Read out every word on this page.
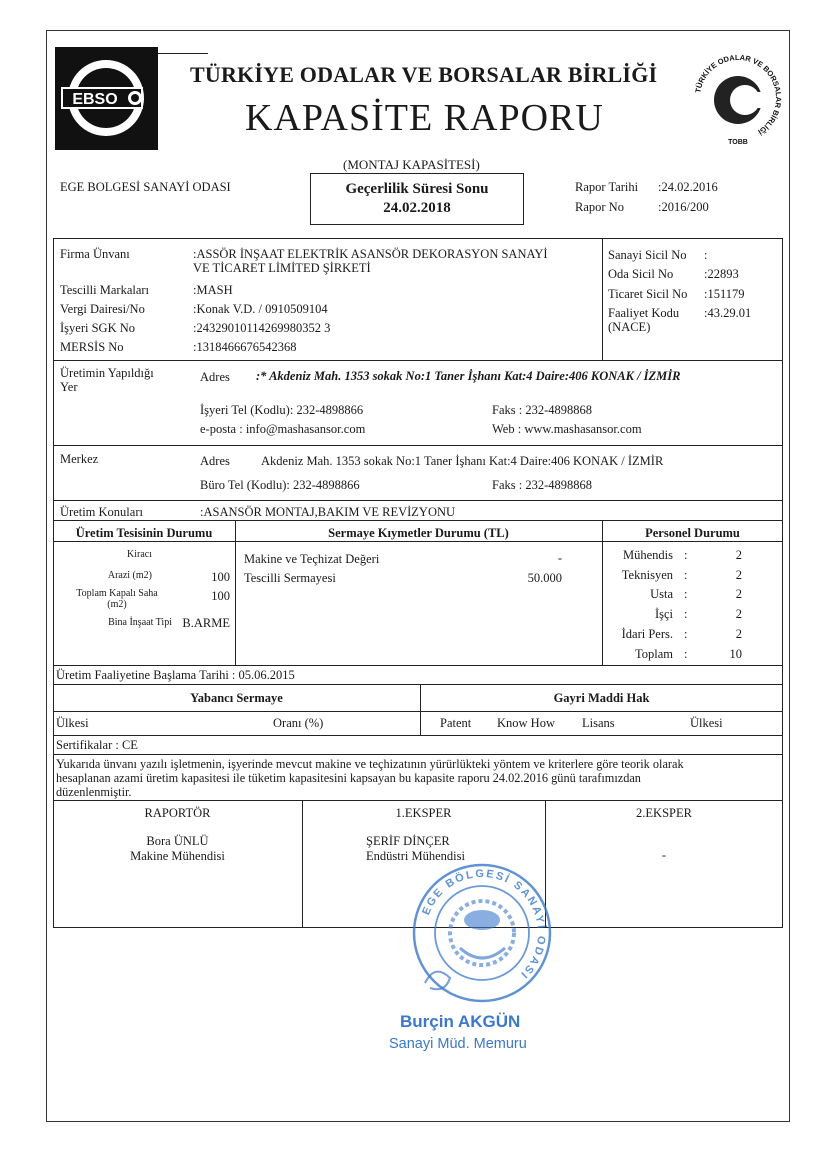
EBSO
TÜRKİYE ODALAR VE BORSALAR BİRLİĞİ
KAPASİTE RAPORU
TÜRKİYE ODALAR VE BORSALAR BİRLİĞİ
TOBB
(MONTAJ KAPASİTESİ)
EGE BOLGESİ SANAYİ ODASI	Geçerlilik Süresi Sonu
24.02.2018
Rapor Tarihi :24.02.2016
Rapor No	:2016/200
Firma Ünvanı	:ASSÖR İNŞAAT ELEKTRİK ASANSÖR DEKORASYON SANAYİ
VE TİCARET LİMİTED ŞİRKETİ
Tescilli Markaları	:MASH
Vergi Dairesi/No	:Konak V.D. / 0910509104
İşyeri SGK No	:24329010114269980352 3
MERSİS No	:1318466676542368
Sanayi Sicil No :
Oda Sicil No :22893
Ticaret Sicil No :151179
Faaliyet Kodu
(NACE)
:43.29.01
Üretimin Yapıldığı
Yer
Adres :* Akdeniz Mah. 1353 sokak No:1 Taner İşhanı Kat:4 Daire:406 KONAK / İZMİR
İşyeri Tel (Kodlu): 232-4898866	Faks : 232-4898868
e-posta : info@mashasansor.com	Web : www.mashasansor.com
Merkez	Adres Akdeniz Mah. 1353 sokak No:1 Taner İşhanı Kat:4 Daire:406 KONAK / İZMİR
Büro Tel (Kodlu): 232-4898866	Faks : 232-4898868
Üretim Konuları	:ASANSÖR MONTAJ,BAKIM VE REVİZYONU
Üretim Tesisinin Durumu	Sermaye Kıymetler Durumu (TL)	Personel Durumu
Kiracı
Arazi (m2)	100
Toplam Kapalı Saha (m2)
100
Bina İnşaat Tipi B.ARME
Makine ve Teçhizat Değeri	-
Tescilli Sermayesi	50.000
Mühendis :	2
Teknisyen :	2
Usta :	2
İşçi :	2
İdari Pers. :	2
Toplam :	10
Üretim Faaliyetine Başlama Tarihi : 05.06.2015
Yabancı Sermaye	Gayri Maddi Hak
Ülkesi	Oranı (%)	Patent Know How Lisans	Ülkesi
Sertifikalar : CE
Yukarıda ünvanı yazılı işletmenin, işyerinde mevcut makine ve teçhizatının yürürlükteki yöntem ve kriterlere göre teorik olarak
hesaplanan azami üretim kapasitesi ile tüketim kapasitesini kapsayan bu kapasite raporu 24.02.2016 günü tarafımızdan
düzenlenmiştir.
RAPORTÖR
Bora ÜNLÜ
Makine Mühendisi
1.EKSPER
ŞERİF DİNÇER
Endüstri Mühendisi
2.EKSPER
-
EGE BÖLGESİ SANAYİ ODASI
Burçin AKGÜN
Sanayi Müd. Memuru
